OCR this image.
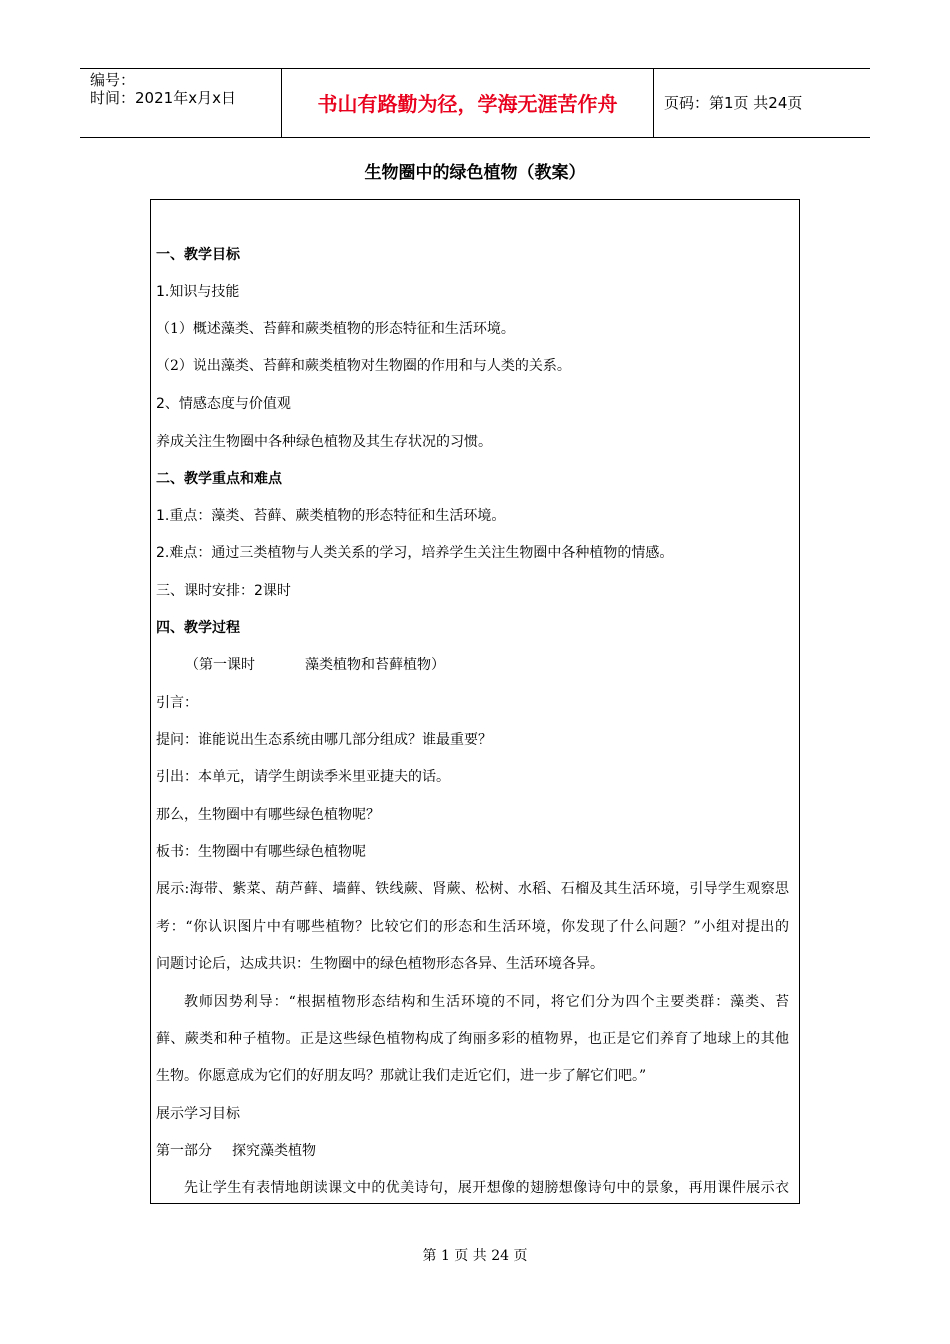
编号：
时间：2021年x月x日	书山有路勤为径，学海无涯苦作舟	页码：第1页 共24页
生物圈中的绿色植物（教案）
一、教学目标
1.知识与技能
（1）概述藻类、苔藓和蕨类植物的形态特征和生活环境。
（2）说出藻类、苔藓和蕨类植物对生物圈的作用和与人类的关系。
2、情感态度与价值观
养成关注生物圈中各种绿色植物及其生存状况的习惯。
二、教学重点和难点
1.重点：藻类、苔藓、蕨类植物的形态特征和生活环境。
2.难点：通过三类植物与人类关系的学习，培养学生关注生物圈中各种植物的情感。
三、课时安排：2课时
四、教学过程
（第一课时	藻类植物和苔藓植物）
引言：
提问：谁能说出生态系统由哪几部分组成？谁最重要？
引出：本单元，请学生朗读季米里亚捷夫的话。
那么，生物圈中有哪些绿色植物呢？
板书：生物圈中有哪些绿色植物呢
展示:海带、紫菜、葫芦藓、墙藓、铁线蕨、肾蕨、松树、水稻、石榴及其生活环境，引导学生观察思
考：“你认识图片中有哪些植物？比较它们的形态和生活环境，你发现了什么问题？”小组对提出的
问题讨论后，达成共识：生物圈中的绿色植物形态各异、生活环境各异。
教师因势利导：“根据植物形态结构和生活环境的不同，将它们分为四个主要类群：藻类、苔
藓、蕨类和种子植物。正是这些绿色植物构成了绚丽多彩的植物界，也正是它们养育了地球上的其他
生物。你愿意成为它们的好朋友吗？那就让我们走近它们，进一步了解它们吧。”
展示学习目标
第一部分 探究藻类植物
先让学生有表情地朗读课文中的优美诗句，展开想像的翅膀想像诗句中的景象，再用课件展示衣
第 1 页 共 24 页
